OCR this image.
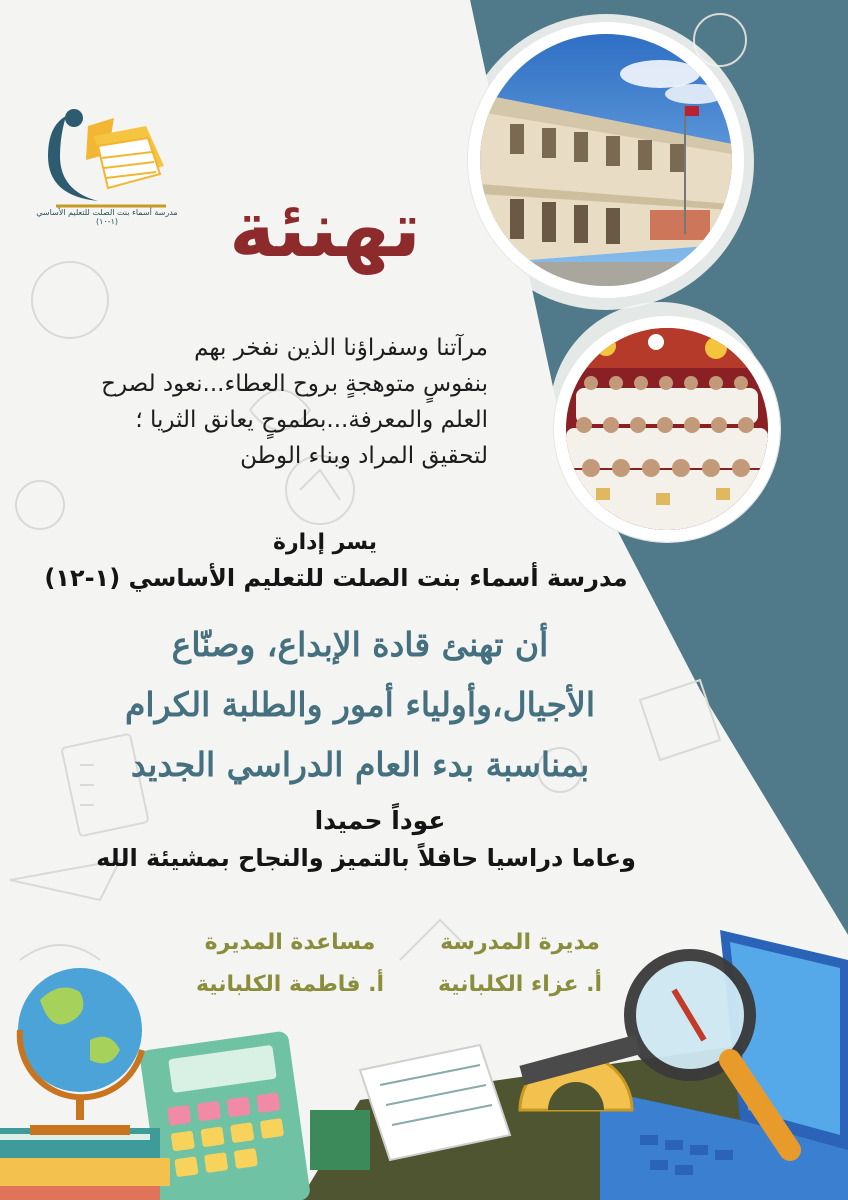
مدرسة أسماء بنت الصلت للتعليم الأساسي (١-١٠)	تهنئة
مرآتنا وسفراؤنا الذين نفخر بهم
بنفوسٍ متوهجةٍ بروح العطاء...نعود لصرح
العلم والمعرفة...بطموحٍ يعانق الثريا ؛
لتحقيق المراد وبناء الوطن
يسر إدارة
مدرسة أسماء بنت الصلت للتعليم الأساسي (١-١٢)
أن تهنئ قادة الإبداع، وصنّاع
الأجيال،وأولياء أمور والطلبة الكرام
بمناسبة بدء العام الدراسي الجديد
عوداً حميدا
وعاما دراسيا حافلاً بالتميز والنجاح بمشيئة الله
مديرة المدرسة
أ. عزاء الكلبانية
مساعدة المديرة
أ. فاطمة الكلبانية
